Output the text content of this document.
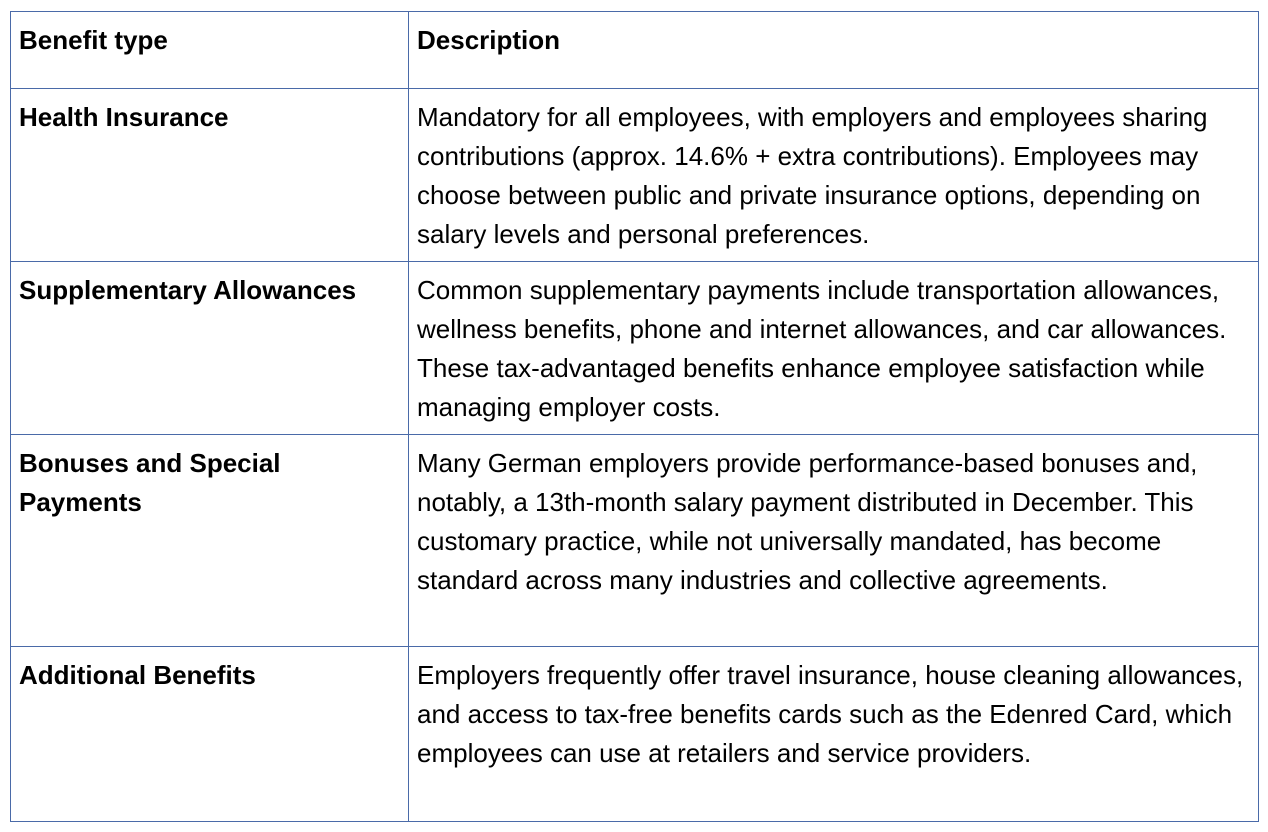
Benefit type	Description
Health Insurance	Mandatory for all employees, with employers and employees sharing contributions (approx. 14.6% + extra contributions). Employees may choose between public and private insurance options, depending on salary levels and personal preferences.
Supplementary Allowances	Common supplementary payments include transportation allowances, wellness benefits, phone and internet allowances, and car allowances. These tax-advantaged benefits enhance employee satisfaction while managing employer costs.
Bonuses and Special Payments	Many German employers provide performance-based bonuses and, notably, a 13th-month salary payment distributed in December. This customary practice, while not universally mandated, has become standard across many industries and collective agreements.
Additional Benefits	Employers frequently offer travel insurance, house cleaning allowances, and access to tax-free benefits cards such as the Edenred Card, which employees can use at retailers and service providers.
